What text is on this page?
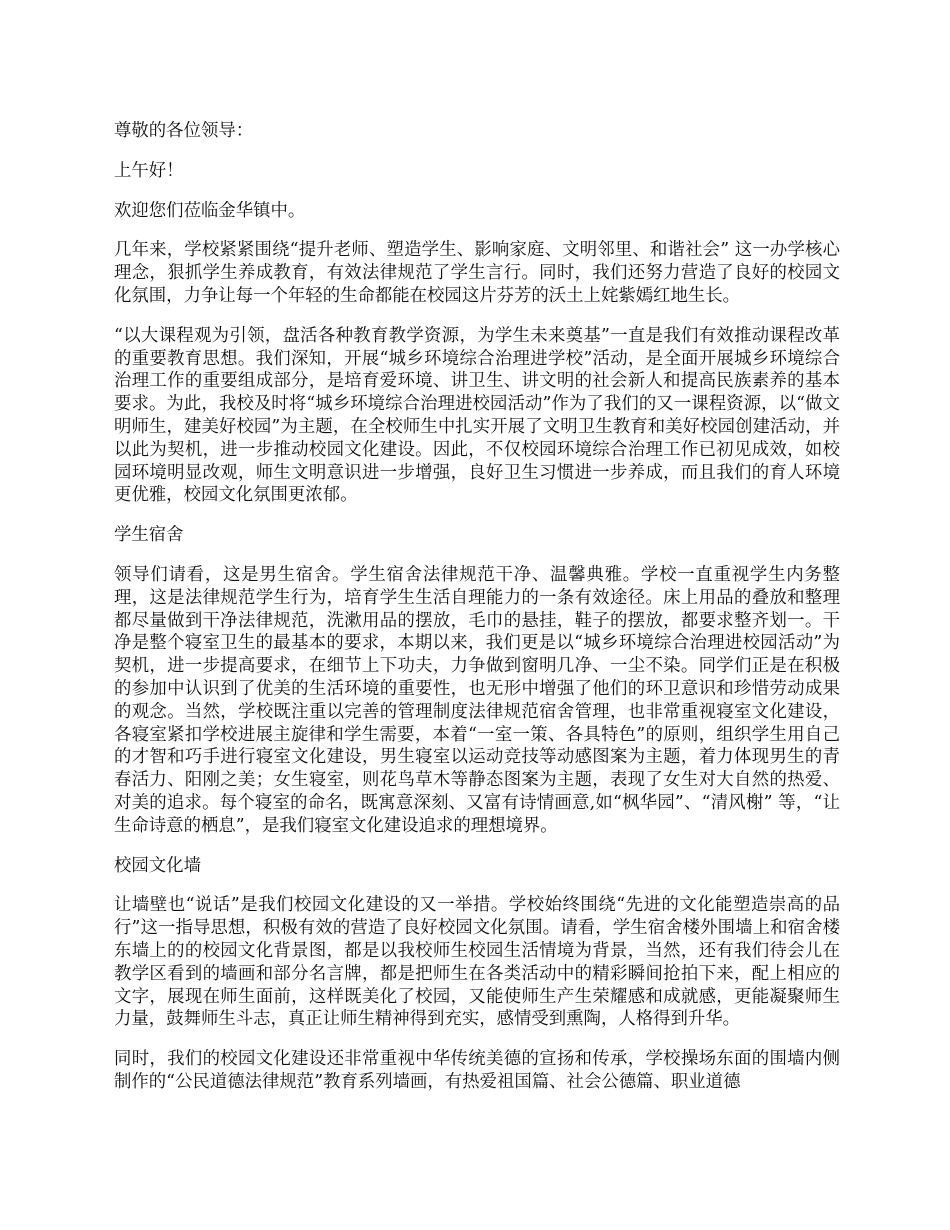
尊敬的各位领导：

上午好！

欢迎您们莅临金华镇中。

几年来，学校紧紧围绕“提升老师、塑造学生、影响家庭、文明邻里、和谐社会” 这一办学核心理念，狠抓学生养成教育，有效法律规范了学生言行。同时，我们还努力营造了良好的校园文化氛围，力争让每一个年轻的生命都能在校园这片芬芳的沃土上姹紫嫣红地生长。

“以大课程观为引领，盘活各种教育教学资源，为学生未来奠基”一直是我们有效推动课程改革的重要教育思想。我们深知，开展“城乡环境综合治理进学校”活动，是全面开展城乡环境综合治理工作的重要组成部分，是培育爱环境、讲卫生、讲文明的社会新人和提高民族素养的基本要求。为此，我校及时将“城乡环境综合治理进校园活动”作为了我们的又一课程资源，以“做文明师生，建美好校园”为主题，在全校师生中扎实开展了文明卫生教育和美好校园创建活动，并以此为契机，进一步推动校园文化建设。因此，不仅校园环境综合治理工作已初见成效，如校园环境明显改观，师生文明意识进一步增强，良好卫生习惯进一步养成，而且我们的育人环境更优雅，校园文化氛围更浓郁。

学生宿舍

领导们请看，这是男生宿舍。学生宿舍法律规范干净、温馨典雅。学校一直重视学生内务整理，这是法律规范学生行为，培育学生生活自理能力的一条有效途径。床上用品的叠放和整理都尽量做到干净法律规范，洗漱用品的摆放，毛巾的悬挂，鞋子的摆放，都要求整齐划一。干净是整个寝室卫生的最基本的要求，本期以来，我们更是以“城乡环境综合治理进校园活动”为契机，进一步提高要求，在细节上下功夫，力争做到窗明几净、一尘不染。同学们正是在积极的参加中认识到了优美的生活环境的重要性，也无形中增强了他们的环卫意识和珍惜劳动成果的观念。当然，学校既注重以完善的管理制度法律规范宿舍管理，也非常重视寝室文化建设，各寝室紧扣学校进展主旋律和学生需要，本着“一室一策、各具特色”的原则，组织学生用自己的才智和巧手进行寝室文化建设，男生寝室以运动竞技等动感图案为主题，着力体现男生的青春活力、阳刚之美；女生寝室，则花鸟草木等静态图案为主题，表现了女生对大自然的热爱、对美的追求。每个寝室的命名，既寓意深刻、又富有诗情画意,如“枫华园”、“清风榭” 等，“让生命诗意的栖息”，是我们寝室文化建设追求的理想境界。

校园文化墙

让墙壁也“说话”是我们校园文化建设的又一举措。学校始终围绕“先进的文化能塑造崇高的品行”这一指导思想，积极有效的营造了良好校园文化氛围。请看，学生宿舍楼外围墙上和宿舍楼东墙上的的校园文化背景图，都是以我校师生校园生活情境为背景，当然，还有我们待会儿在教学区看到的墙画和部分名言牌，都是把师生在各类活动中的精彩瞬间抢拍下来，配上相应的文字，展现在师生面前，这样既美化了校园，又能使师生产生荣耀感和成就感，更能凝聚师生力量，鼓舞师生斗志，真正让师生精神得到充实，感情受到熏陶，人格得到升华。

同时，我们的校园文化建设还非常重视中华传统美德的宣扬和传承，学校操场东面的围墙内侧制作的“公民道德法律规范”教育系列墙画，有热爱祖国篇、社会公德篇、职业道德
